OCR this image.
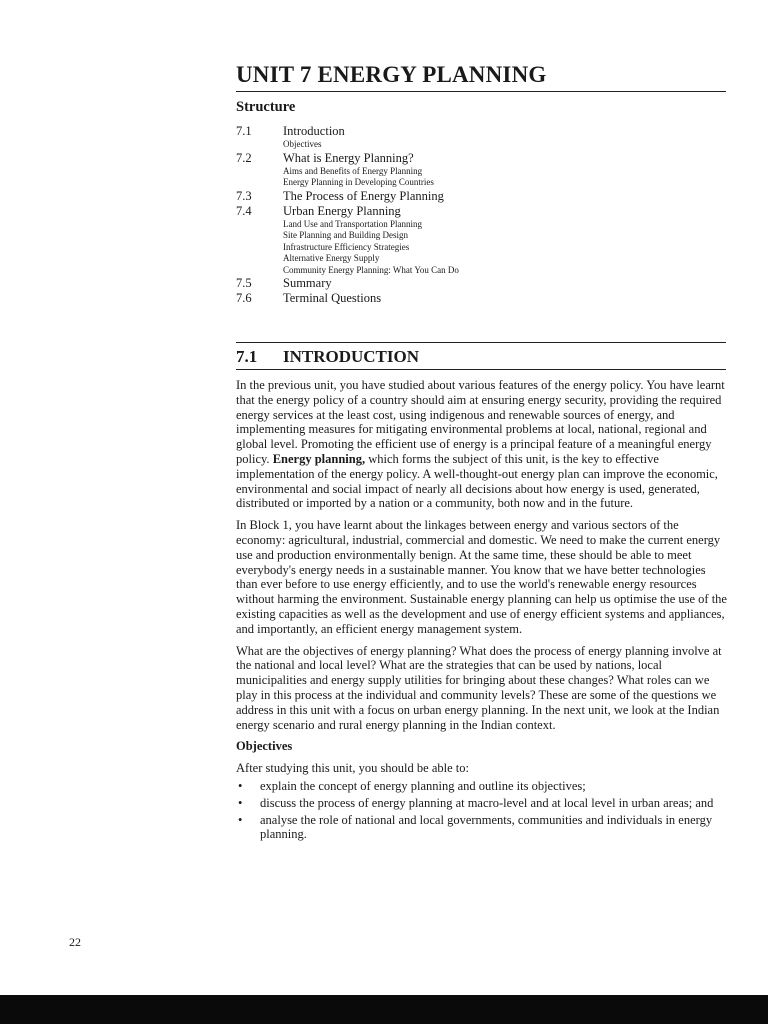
UNIT 7 ENERGY PLANNING
Structure
7.1	Introduction
Objectives
7.2	What is Energy Planning?
Aims and Benefits of Energy Planning
Energy Planning in Developing Countries
7.3	The Process of Energy Planning
7.4	Urban Energy Planning
Land Use and Transportation Planning
Site Planning and Building Design
Infrastructure Efficiency Strategies
Alternative Energy Supply
Community Energy Planning: What You Can Do
7.5	Summary
7.6	Terminal Questions
7.1 INTRODUCTION

In the previous unit, you have studied about various features of the energy policy. You have learnt that the energy policy of a country should aim at ensuring energy security, providing the required energy services at the least cost, using indigenous and renewable sources of energy, and implementing measures for mitigating environmental problems at local, national, regional and global level. Promoting the efficient use of energy is a principal feature of a meaningful energy policy. Energy planning, which forms the subject of this unit, is the key to effective implementation of the energy policy. A well-thought-out energy plan can improve the economic, environmental and social impact of nearly all decisions about how energy is used, generated, distributed or imported by a nation or a community, both now and in the future.

In Block 1, you have learnt about the linkages between energy and various sectors of the economy: agricultural, industrial, commercial and domestic. We need to make the current energy use and production environmentally benign. At the same time, these should be able to meet everybody's energy needs in a sustainable manner. You know that we have better technologies than ever before to use energy efficiently, and to use the world's renewable energy resources without harming the environment. Sustainable energy planning can help us optimise the use of the existing capacities as well as the development and use of energy efficient systems and appliances, and importantly, an efficient energy management system.

What are the objectives of energy planning? What does the process of energy planning involve at the national and local level? What are the strategies that can be used by nations, local municipalities and energy supply utilities for bringing about these changes? What roles can we play in this process at the individual and community levels? These are some of the questions we address in this unit with a focus on urban energy planning. In the next unit, we look at the Indian energy scenario and rural energy planning in the Indian context.

Objectives

After studying this unit, you should be able to:
• explain the concept of energy planning and outline its objectives;
• discuss the process of energy planning at macro-level and at local level in urban areas; and
• analyse the role of national and local governments, communities and individuals in energy planning.
22
